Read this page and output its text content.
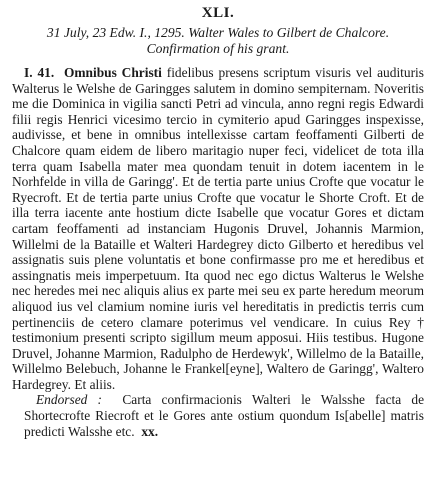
XLI.
31 July, 23 Edw. I., 1295. Walter Wales to Gilbert de Chalcore.
Confirmation of his grant.

I. 41. Omnibus Christi fidelibus presens scriptum visuris vel audituris Walterus le Welshe de Garingges salutem in domino sempiternam. Noveritis me die Dominica in vigilia sancti Petri ad vincula, anno regni regis Edwardi filii regis Henrici vicesimo tercio in cymiterio apud Garingges inspexisse, audivisse, et bene in omnibus intellexisse cartam feoffamenti Gilberti de Chalcore quam eidem de libero maritagio nuper feci, videlicet de tota illa terra quam Isabella mater mea quondam tenuit in dotem iacentem in le Norhfelde in villa de Garingg'. Et de tertia parte unius Crofte que vocatur le Ryecroft. Et de tertia parte unius Crofte que vocatur le Shorte Croft. Et de illa terra iacente ante hostium dicte Isabelle que vocatur Gores et dictam cartam feoffamenti ad instanciam Hugonis Druvel, Johannis Marmion, Willelmi de la Bataille et Walteri Hardegrey dicto Gilberto et heredibus vel assignatis suis plene voluntatis et bone confirmasse pro me et heredibus et assingnatis meis imperpetuum. Ita quod nec ego dictus Walterus le Welshe nec heredes mei nec aliquis alius ex parte mei seu ex parte heredum meorum aliquod ius vel clamium nomine iuris vel hereditatis in predictis terris cum pertinenciis de cetero clamare poterimus vel vendicare. In cuius Rey † testimonium presenti scripto sigillum meum apposui. Hiis testibus. Hugone Druvel, Johanne Marmion, Radulpho de Herdewyk', Willelmo de la Bataille, Willelmo Belebuch, Johanne le Frankel[eyne], Waltero de Garingg', Waltero Hardegrey. Et aliis.

Endorsed : Carta confirmacionis Walteri le Walsshe facta de Shortecrofte Riecroft et le Gores ante ostium quondum Is[abelle] matris predicti Walsshe etc. xx.
